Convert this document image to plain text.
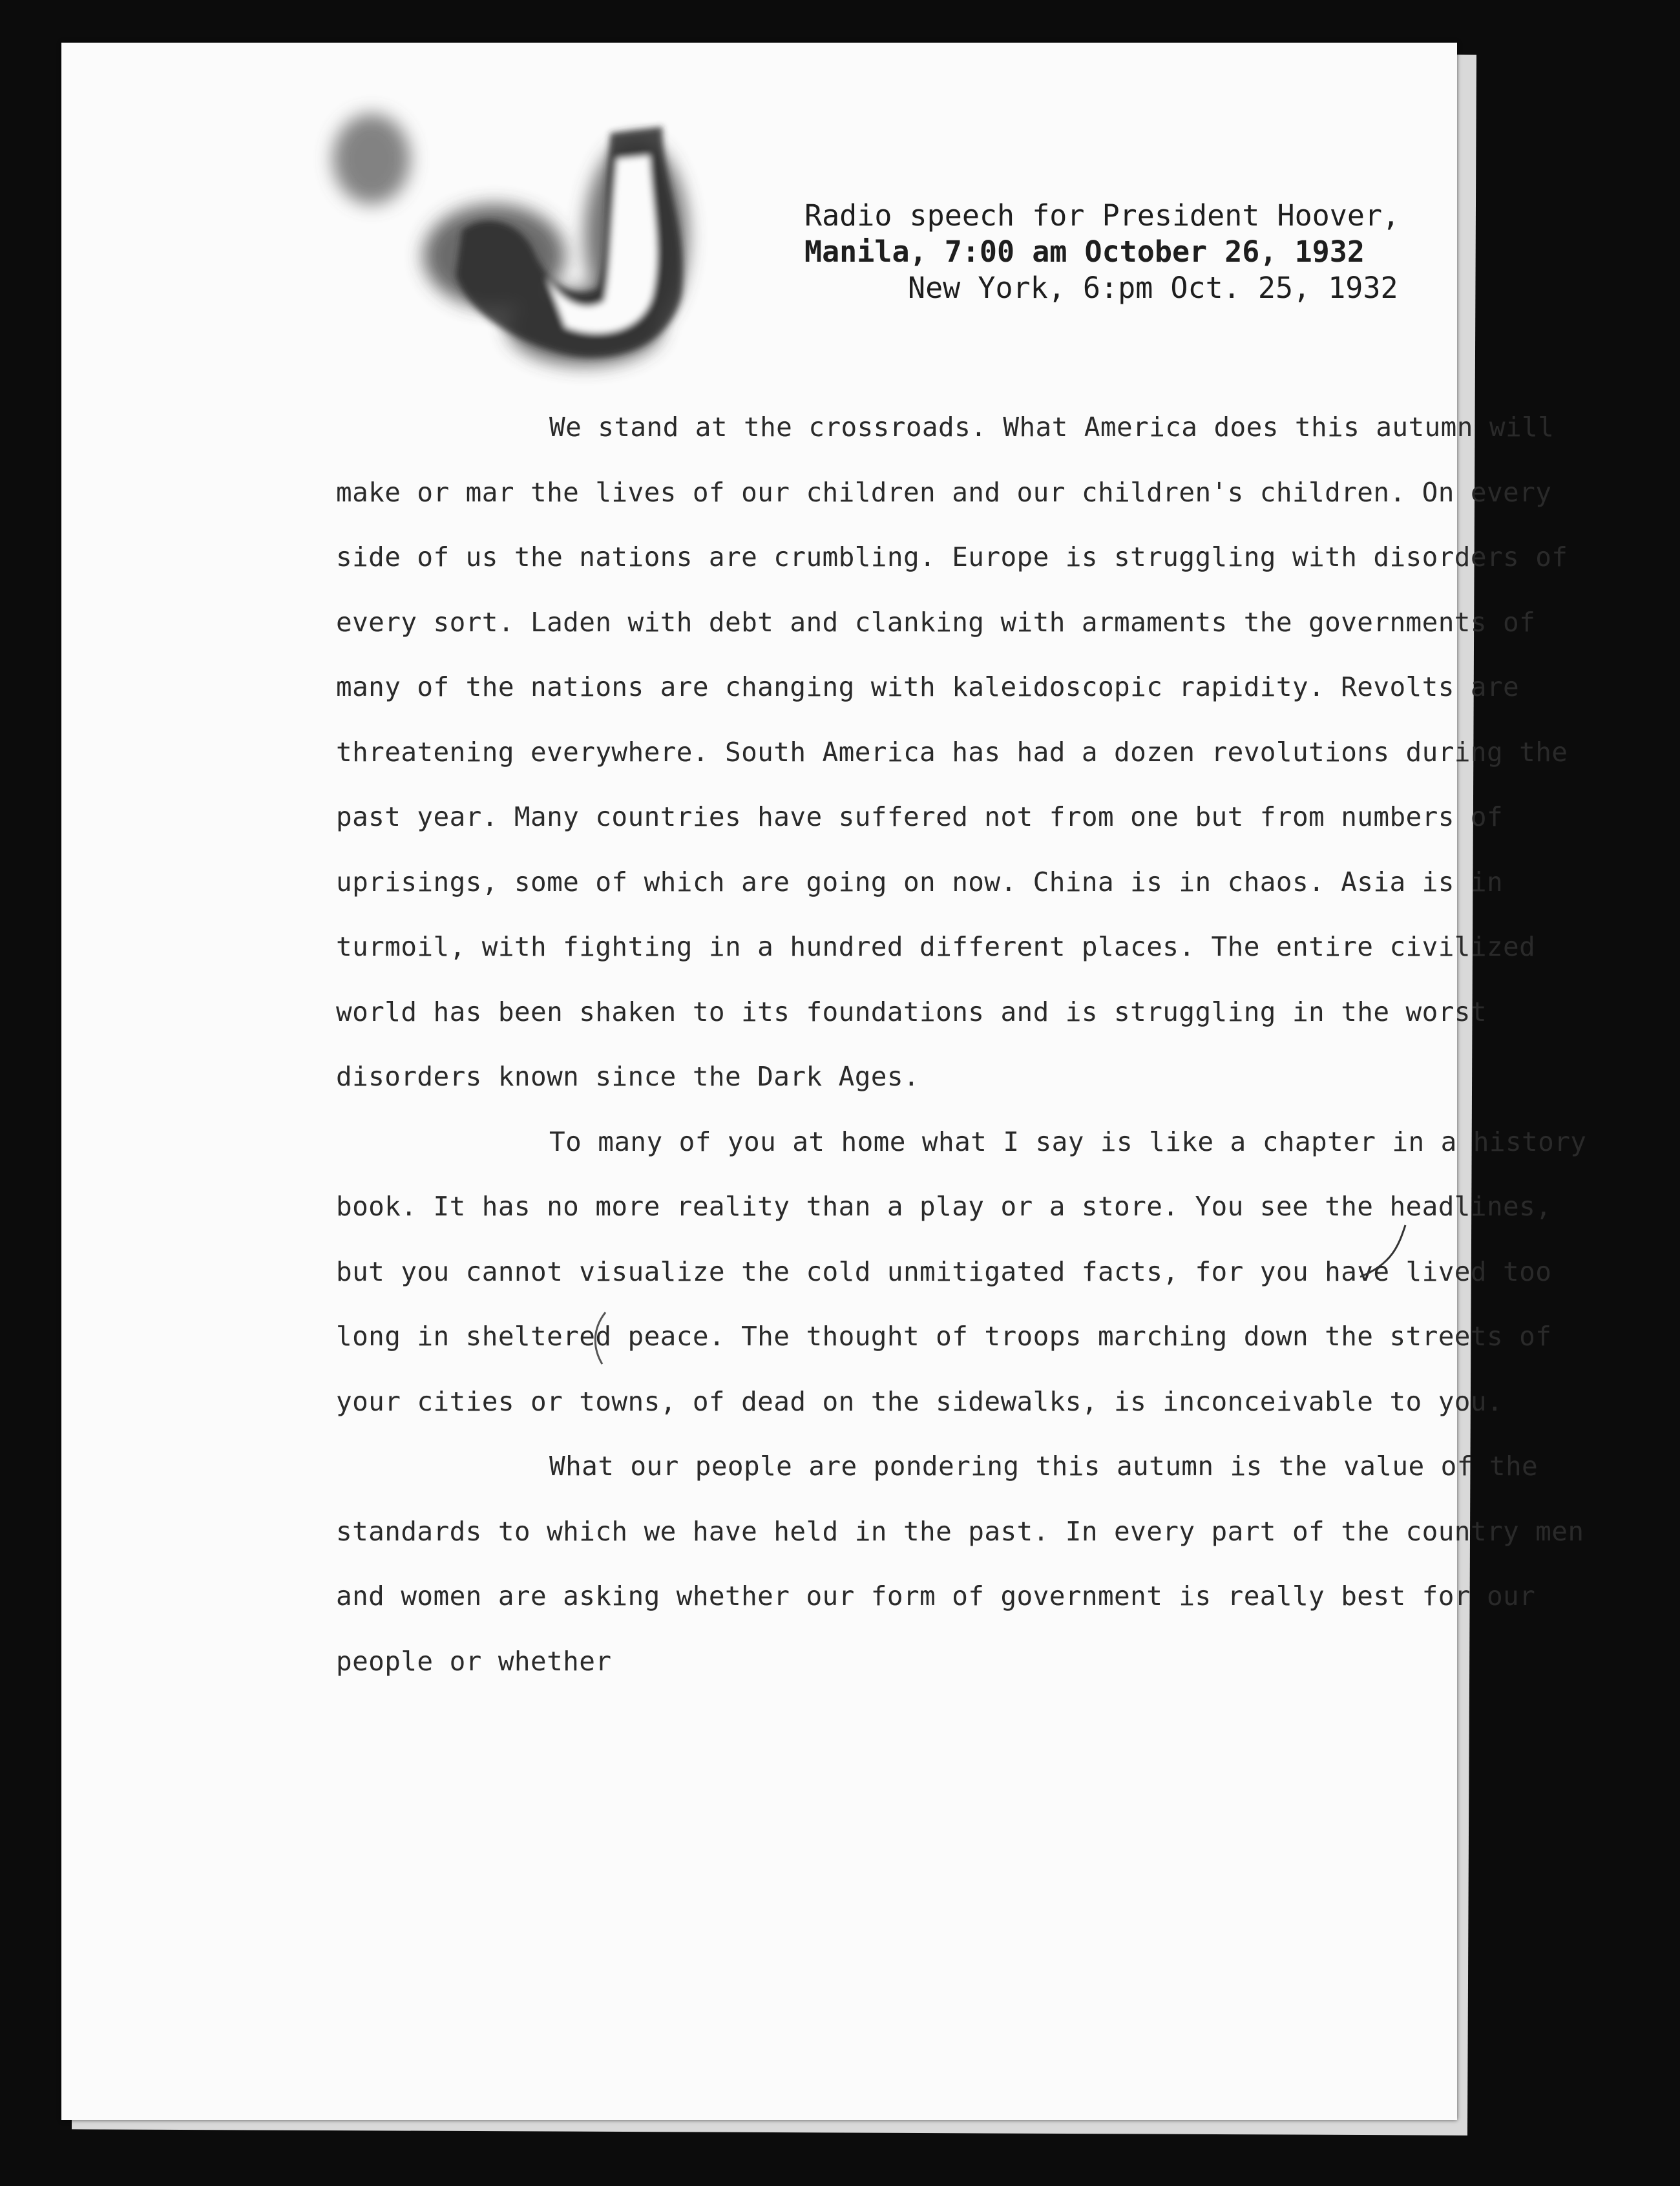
Radio speech for President Hoover,
Manila, 7:00 am October 26, 1932
New York, 6:pm Oct. 25, 1932

We stand at the crossroads. What America does this autumn will make or mar the lives of our children and our children's children. On every side of us the nations are crumbling. Europe is struggling with disorders of every sort. Laden with debt and clanking with armaments the governments of many of the nations are changing with kaleidoscopic rapidity. Revolts are threatening everywhere. South America has had a dozen revolutions during the past year. Many countries have suffered not from one but from numbers of uprisings, some of which are going on now. China is in chaos. Asia is in turmoil, with fighting in a hundred different places. The entire civilized world has been shaken to its foundations and is struggling in the worst disorders known since the Dark Ages.

To many of you at home what I say is like a chapter in a history book. It has no more reality than a play or a store. You see the headlines, but you cannot visualize the cold unmitigated facts, for you have lived too long in sheltered peace. The thought of troops marching down the streets of your cities or towns, of dead on the sidewalks, is inconceivable to you.

What our people are pondering this autumn is the value of the standards to which we have held in the past. In every part of the country men and women are asking whether our form of government is really best for our people or whether
